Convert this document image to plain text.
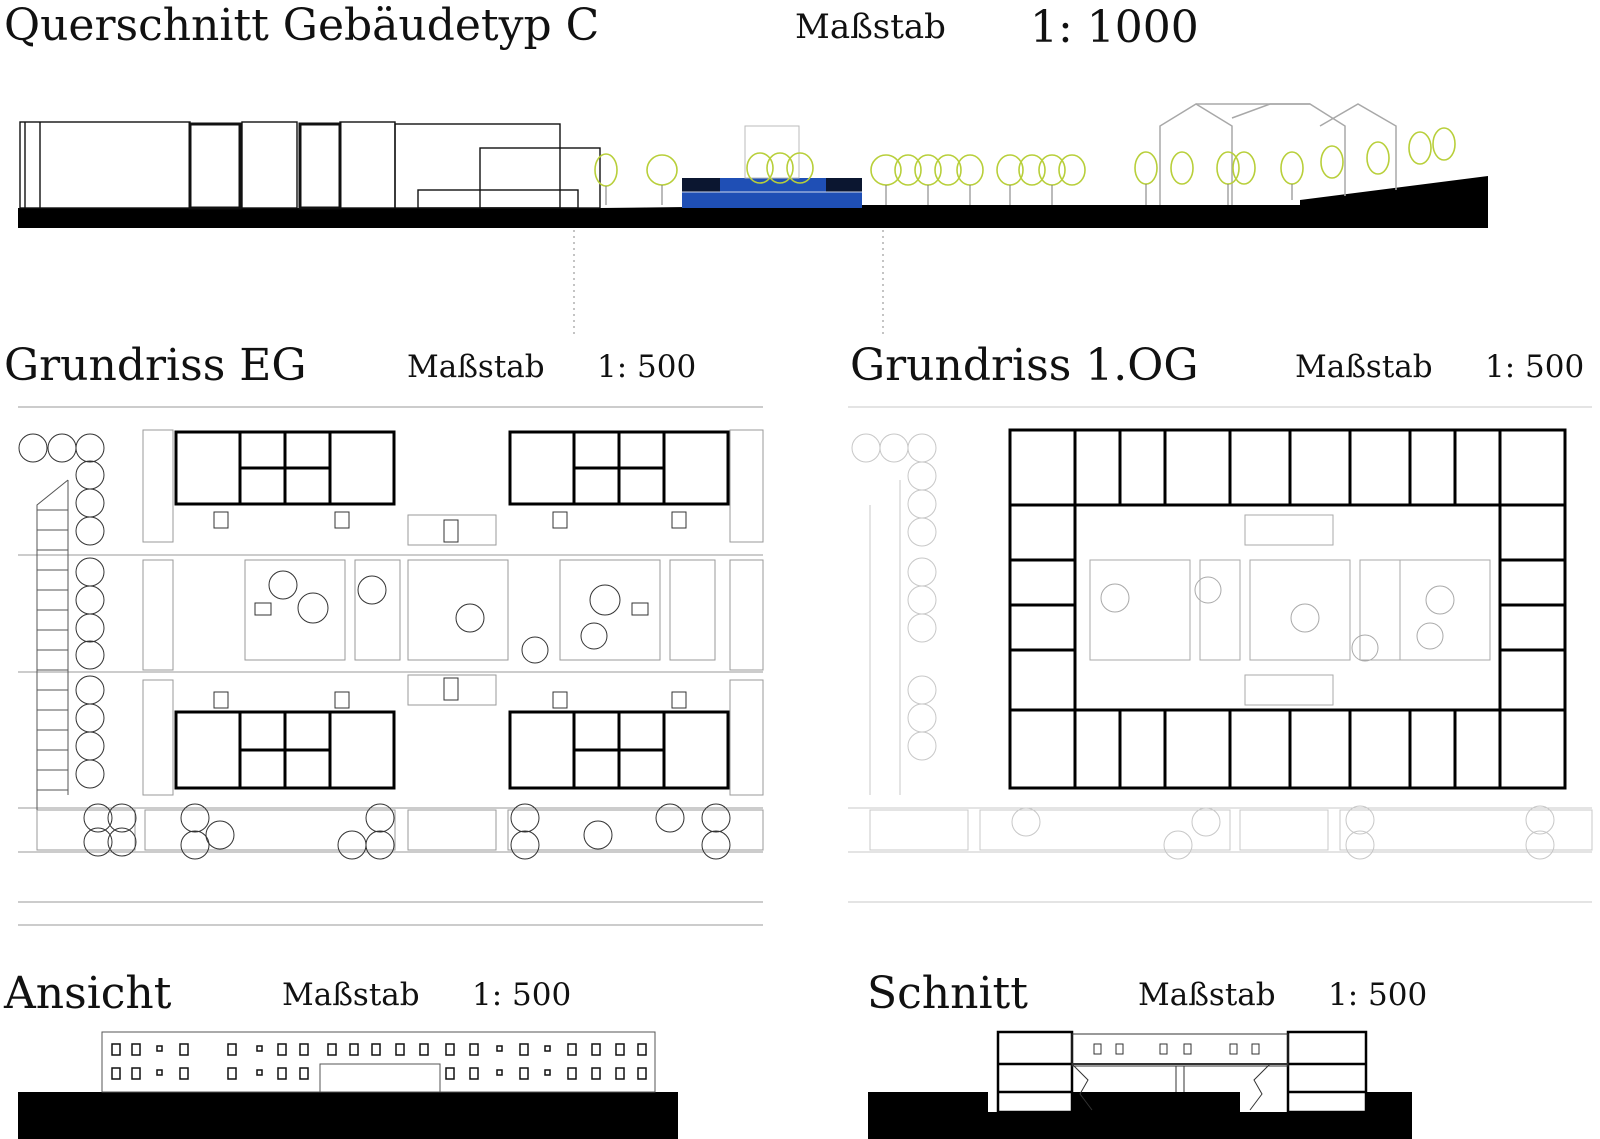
Querschnitt Gebäudetyp C	Maßstab 1: 1000
Grundriss EG	Maßstab 1: 500	Grundriss 1.OG	Maßstab 1: 500
Ansicht	Maßstab 1: 500	Schnitt	Maßstab 1: 500
